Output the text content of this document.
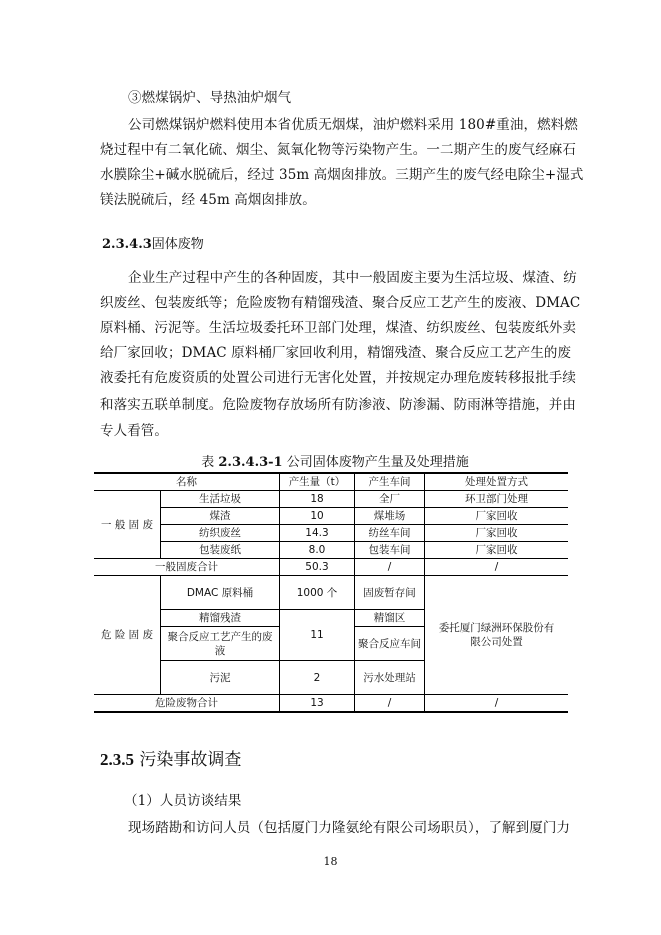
③燃煤锅炉、导热油炉烟气
公司燃煤锅炉燃料使用本省优质无烟煤，油炉燃料采用 180#重油，燃料燃
烧过程中有二氧化硫、烟尘、氮氧化物等污染物产生。一二期产生的废气经麻石
水膜除尘+碱水脱硫后，经过 35m 高烟囱排放。三期产生的废气经电除尘+湿式
镁法脱硫后，经 45m 高烟囱排放。
2.3.4.3固体废物
企业生产过程中产生的各种固废，其中一般固废主要为生活垃圾、煤渣、纺
织废丝、包装废纸等；危险废物有精馏残渣、聚合反应工艺产生的废液、DMAC
原料桶、污泥等。生活垃圾委托环卫部门处理，煤渣、纺织废丝、包装废纸外卖
给厂家回收；DMAC 原料桶厂家回收利用，精馏残渣、聚合反应工艺产生的废
液委托有危废资质的处置公司进行无害化处置，并按规定办理危废转移报批手续
和落实五联单制度。危险废物存放场所有防渗液、防渗漏、防雨淋等措施，并由
专人看管。
表 2.3.4.3-1 公司固体废物产生量及处理措施
名称		产生量（t）	产生车间	处理处置方式
一 般 固 废	生活垃圾	18	全厂	环卫部门处理
	煤渣	10	煤堆场	厂家回收
	纺织废丝	14.3	纺丝车间	厂家回收
	包装废纸	8.0	包装车间	厂家回收
一般固废合计		50.3	/	/
危 险 固 废	DMAC 原料桶	1000 个	固废暂存间	委托厦门绿洲环保股份有限公司处置
	精馏残渣	11	精馏区	
	聚合反应工艺产生的废液		聚合反应车间	
	污泥	2	污水处理站	
危险废物合计		13	/	/
2.3.5 污染事故调查
（1）人员访谈结果
现场踏勘和访问人员（包括厦门力隆氨纶有限公司场职员），了解到厦门力
18
